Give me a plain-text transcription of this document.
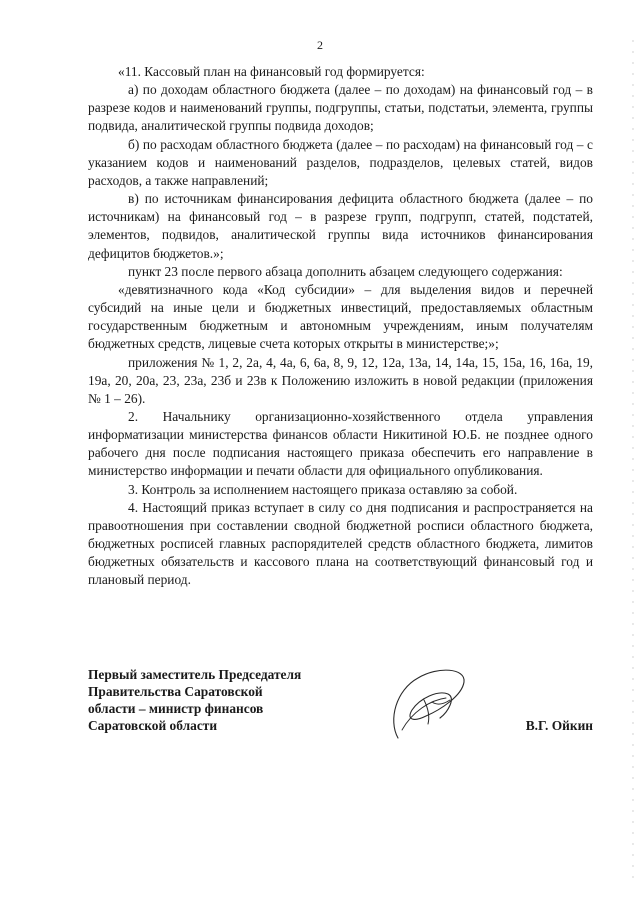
2

«11. Кассовый план на финансовый год формируется:

а) по доходам областного бюджета (далее – по доходам) на финансовый год – в разрезе кодов и наименований группы, подгруппы, статьи, подстатьи, элемента, группы подвида, аналитической группы подвида доходов;

б) по расходам областного бюджета (далее – по расходам) на финансовый год – с указанием кодов и наименований разделов, подразделов, целевых статей, видов расходов, а также направлений;

в) по источникам финансирования дефицита областного бюджета (далее – по источникам) на финансовый год – в разрезе групп, подгрупп, статей, подстатей, элементов, подвидов, аналитической группы вида источников финансирования дефицитов бюджетов.»;

пункт 23 после первого абзаца дополнить абзацем следующего содержания:

«девятизначного кода «Код субсидии» – для выделения видов и перечней субсидий на иные цели и бюджетных инвестиций, предоставляемых областным государственным бюджетным и автономным учреждениям, иным получателям бюджетных средств, лицевые счета которых открыты в министерстве;»;

приложения № 1, 2, 2а, 4, 4а, 6, 6а, 8, 9, 12, 12а, 13а, 14, 14а, 15, 15а, 16, 16а, 19, 19а, 20, 20а, 23, 23а, 23б и 23в к Положению изложить в новой редакции (приложения № 1 – 26).

2. Начальнику организационно-хозяйственного отдела управления информатизации министерства финансов области Никитиной Ю.Б. не позднее одного рабочего дня после подписания настоящего приказа обеспечить его направление в министерство информации и печати области для официального опубликования.

3. Контроль за исполнением настоящего приказа оставляю за собой.

4. Настоящий приказ вступает в силу со дня подписания и распространяется на правоотношения при составлении сводной бюджетной росписи областного бюджета, бюджетных росписей главных распорядителей средств областного бюджета, лимитов бюджетных обязательств и кассового плана на соответствующий финансовый год и плановый период.

Первый заместитель Председателя
Правительства Саратовской
области – министр финансов
Саратовской области	В.Г. Ойкин
